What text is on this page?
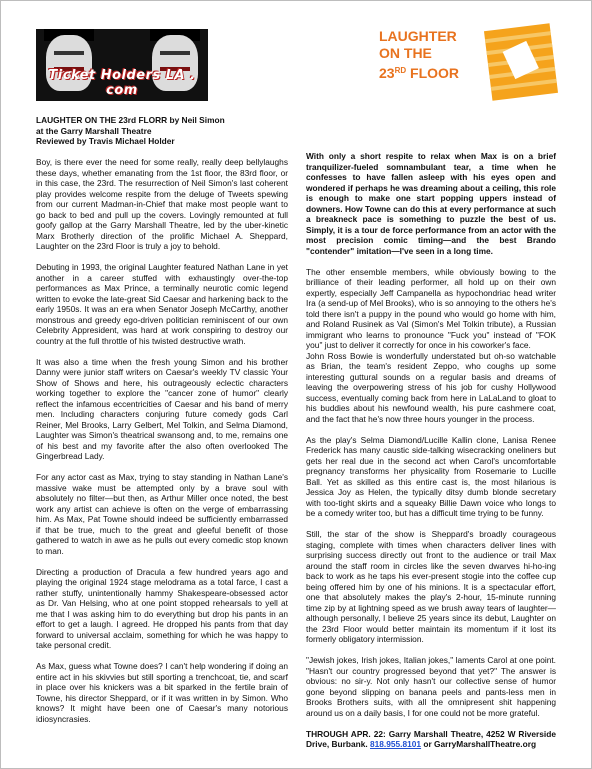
Ticket Holders LA . com
LAUGHTER
ON THE
23RD FLOOR
LAUGHTER ON THE 23rd FLORR by Neil Simon
at the Garry Marshall Theatre
Reviewed by Travis Michael Holder

Boy, is there ever the need for some really, really deep bellylaughs these days, whether emanating from the 1st floor, the 83rd floor, or in this case, the 23rd. The resurrection of Neil Simon's last coherent play provides welcome respite from the deluge of Tweets spewing from our current Madman-in-Chief that make most people want to go back to bed and pull up the covers. Lovingly remounted at full goofy gallop at the Garry Marshall Theatre, led by the uber-kinetic Marx Brotherly direction of the prolific Michael A. Sheppard, Laughter on the 23rd Floor is truly a joy to behold.

Debuting in 1993, the original Laughter featured Nathan Lane in yet another in a career stuffed with exhaustingly over-the-top performances as Max Prince, a terminally neurotic comic legend written to evoke the late-great Sid Caesar and harkening back to the early 1950s. It was an era when Senator Joseph McCarthy, another monstrous and greedy ego-driven politician reminiscent of our own Celebrity Appresident, was hard at work conspiring to destroy our country at the full throttle of his twisted destructive wrath.

It was also a time when the fresh young Simon and his brother Danny were junior staff writers on Caesar's weekly TV classic Your Show of Shows and here, his outrageously eclectic characters working together to explore the "cancer zone of humor" clearly reflect the infamous eccentricities of Caesar and his band of merry men. Including characters conjuring future comedy gods Carl Reiner, Mel Brooks, Larry Gelbert, Mel Tolkin, and Selma Diamond, Laughter was Simon's theatrical swansong and, to me, remains one of his best and my favorite after the also often overlooked The Gingerbread Lady.

For any actor cast as Max, trying to stay standing in Nathan Lane's massive wake must be attempted only by a brave soul with absolutely no filter—but then, as Arthur Miller once noted, the best work any artist can achieve is often on the verge of embarrassing him. As Max, Pat Towne should indeed be sufficiently embarrassed if that be true, much to the great and gleeful benefit of those gathered to watch in awe as he pulls out every comedic stop known to man.

Directing a production of Dracula a few hundred years ago and playing the original 1924 stage melodrama as a total farce, I cast a rather stuffy, unintentionally hammy Shakespeare-obsessed actor as Dr. Van Helsing, who at one point stopped rehearsals to yell at me that I was asking him to do everything but drop his pants in an effort to get a laugh. I agreed. He dropped his pants from that day forward to universal acclaim, something for which he was happy to take personal credit.

As Max, guess what Towne does? I can't help wondering if doing an entire act in his skivvies but still sporting a trenchcoat, tie, and scarf in place over his knickers was a bit sparked in the fertile brain of Towne, his director Sheppard, or if it was written in by Simon. Who knows? It might have been one of Caesar's many notorious idiosyncrasies.

With only a short respite to relax when Max is on a brief tranquilizer-fueled somnambulant tear, a time when he confesses to have fallen asleep with his eyes open and wondered if perhaps he was dreaming about a ceiling, this role is enough to make one start popping uppers instead of downers. How Towne can do this at every performance at such a breakneck pace is something to puzzle the best of us. Simply, it is a tour de force performance from an actor with the most precision comic timing—and the best Brando "contender" imitation—I've seen in a long time.

The other ensemble members, while obviously bowing to the brilliance of their leading performer, all hold up on their own expertly, especially Jeff Campanella as hypochondriac head writer Ira (a send-up of Mel Brooks), who is so annoying to the others he's told there isn't a puppy in the pound who would go home with him, and Roland Rusinek as Val (Simon's Mel Tolkin tribute), a Russian immigrant who learns to pronounce "Fuck you" instead of "FOK you" just to deliver it correctly for once in his coworker's face.
John Ross Bowie is wonderfully understated but oh-so watchable as Brian, the team's resident Zeppo, who coughs up some interesting guttural sounds on a regular basis and dreams of leaving the overpowering stress of his job for cushy Hollywood success, eventually coming back from here in LaLaLand to gloat to his buddies about his newfound wealth, his pure cashmere coat, and the fact that he's now three hours younger in the process.

As the play's Selma Diamond/Lucille Kallin clone, Lanisa Renee Frederick has many caustic side-talking wisecracking oneliners but gets her real due in the second act when Carol's uncomfortable pregnancy transforms her physicality from Rosemarie to Lucille Ball. Yet as skilled as this entire cast is, the most hilarious is Jessica Joy as Helen, the typically ditsy dumb blonde secretary with too-tight skirts and a squeaky Billie Dawn voice who longs to be a comedy writer too, but has a difficult time trying to be funny.

Still, the star of the show is Sheppard's broadly courageous staging, complete with times when characters deliver lines with surprising success directly out front to the audience or trail Max around the staff room in circles like the seven dwarves hi-ho-ing back to work as he taps his ever-present stogie into the coffee cup being offered him by one of his minions. It is a spectacular effort, one that absolutely makes the play's 2-hour, 15-minute running time zip by at lightning speed as we brush away tears of laughter—although personally, I believe 25 years since its debut, Laughter on the 23rd Floor would better maintain its momentum if it lost its formerly obligatory intermission.

"Jewish jokes, Irish jokes, Italian jokes," laments Carol at one point. "Hasn't our country progressed beyond that yet?" The answer is obvious: no sir-y. Not only hasn't our collective sense of humor gone beyond slipping on banana peels and pants-less men in Brooks Brothers suits, with all the omnipresent shit happening around us on a daily basis, I for one could not be more grateful.

THROUGH APR. 22: Garry Marshall Theatre, 4252 W Riverside Drive, Burbank. 818.955.8101 or GarryMarshallTheatre.org
